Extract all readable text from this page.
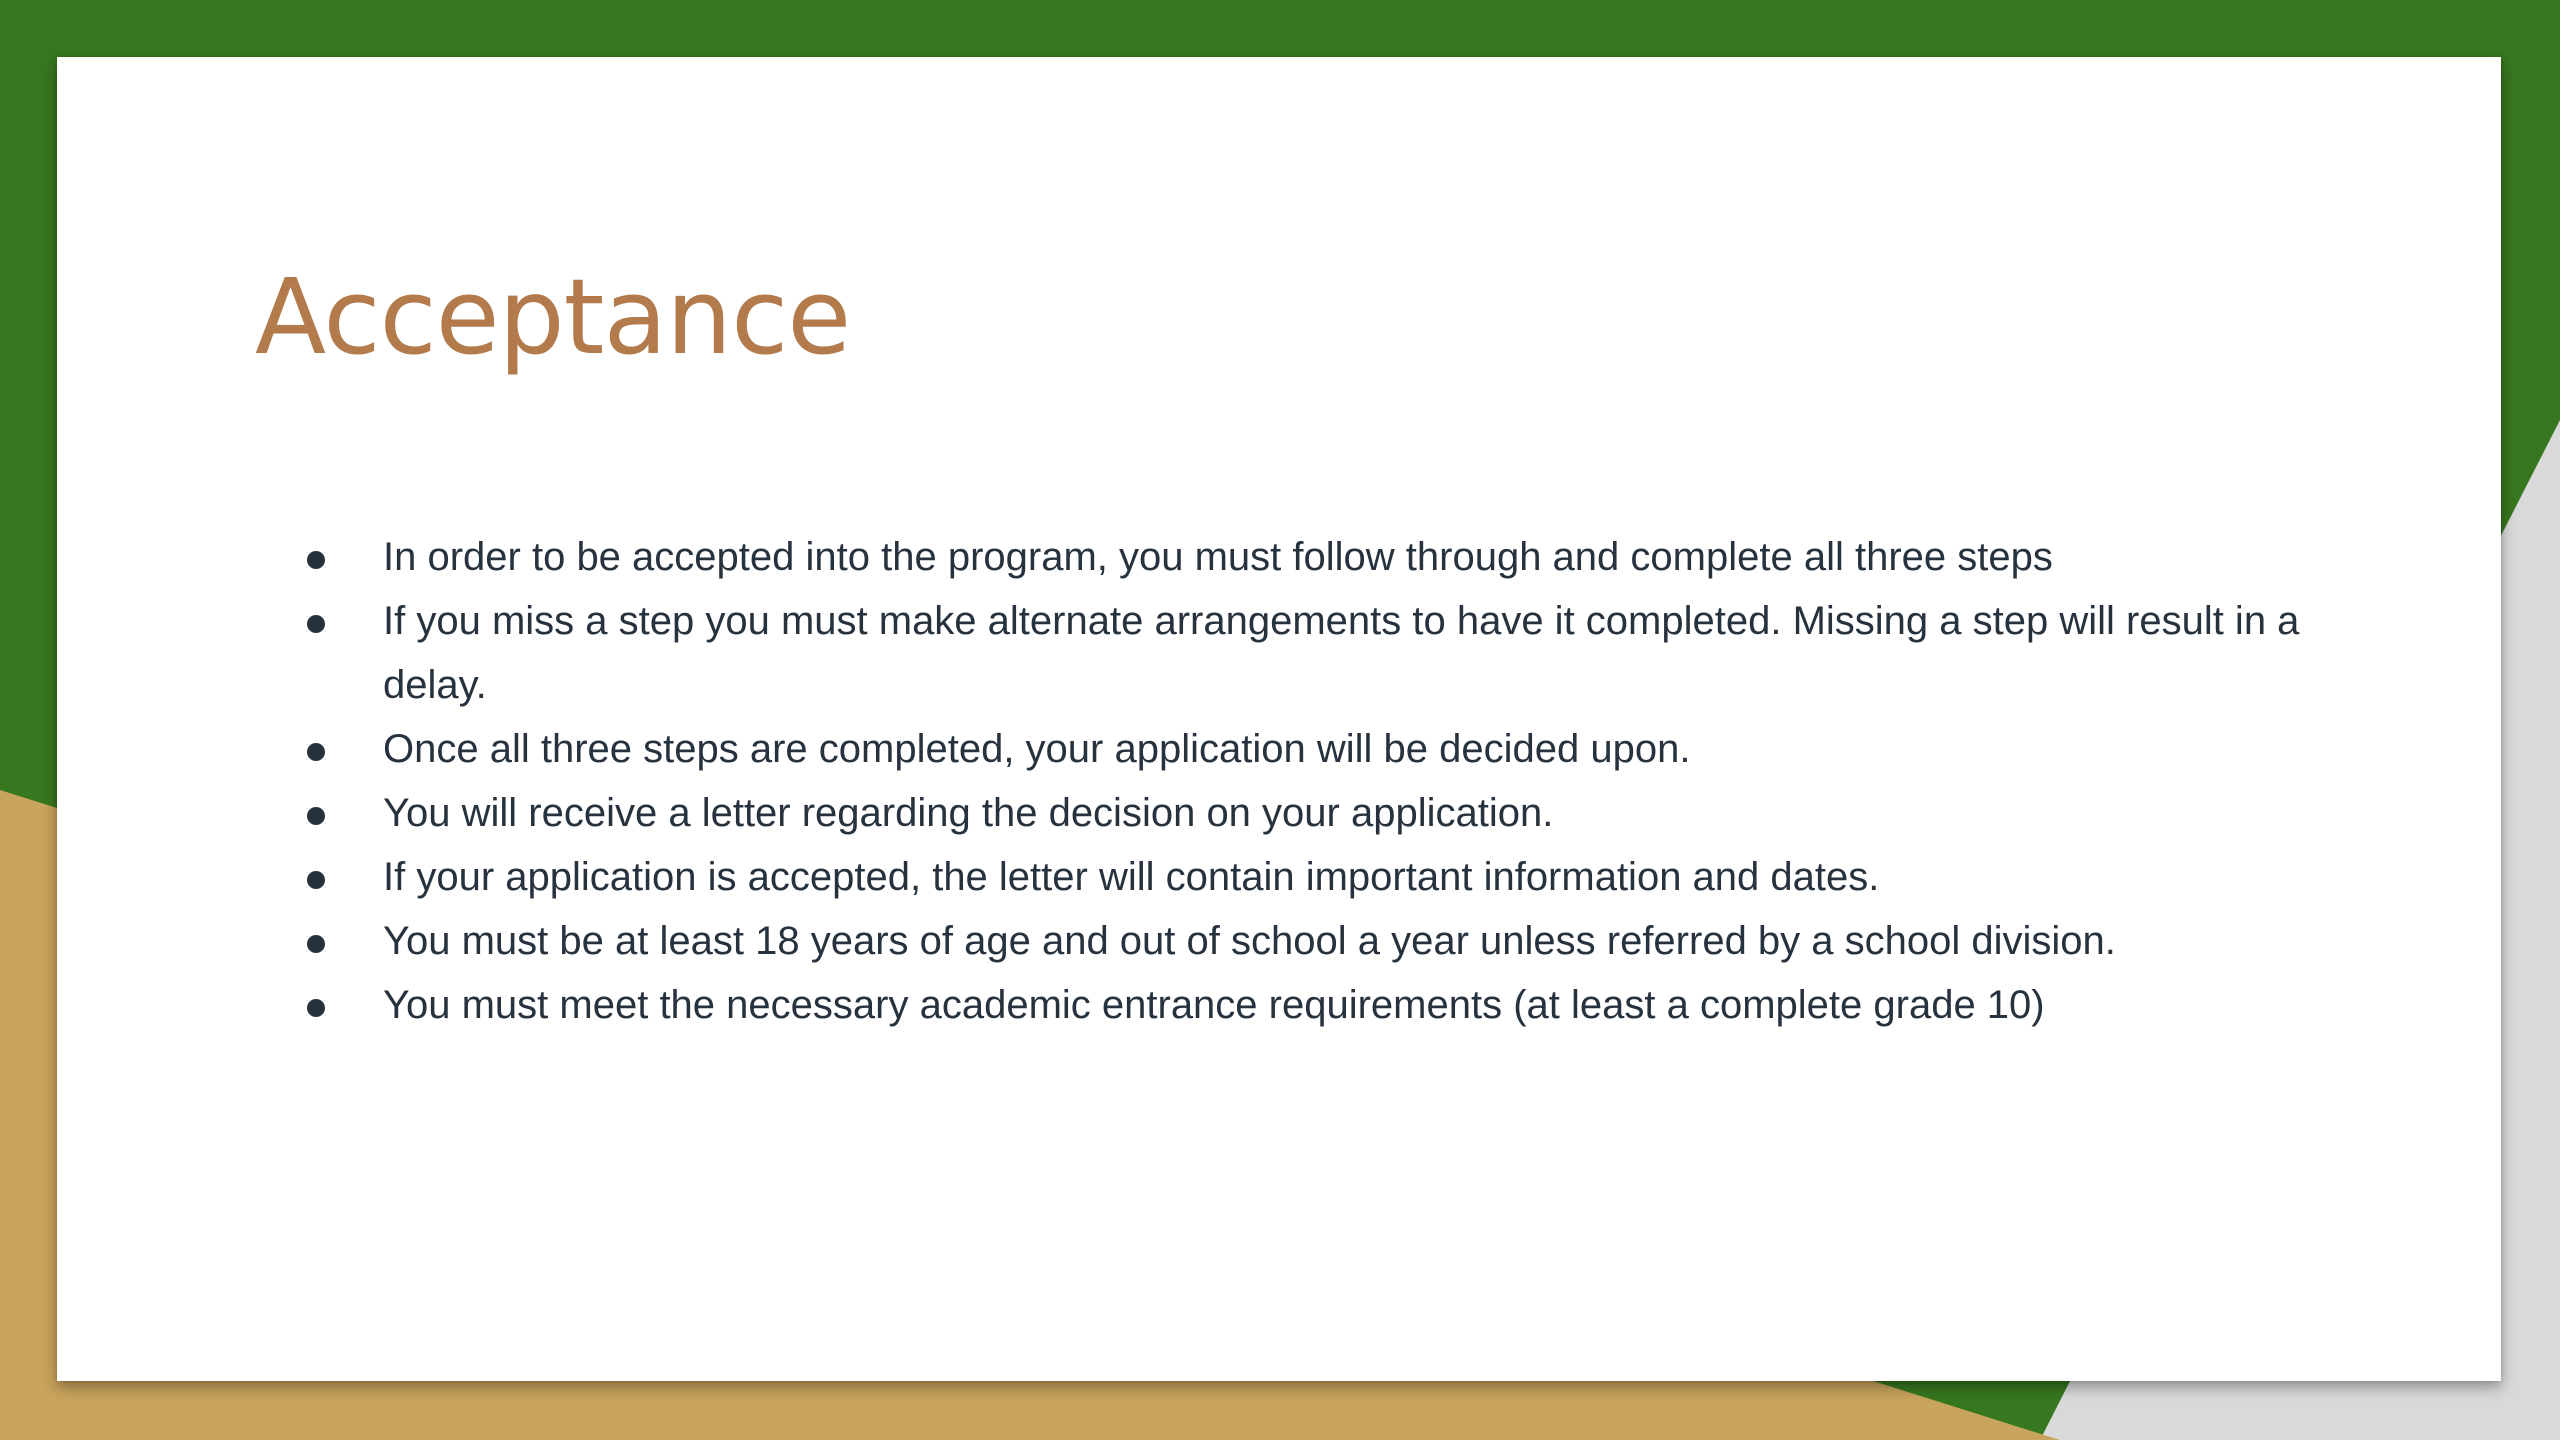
Acceptance
In order to be accepted into the program, you must follow through and complete all three steps
If you miss a step you must make alternate arrangements to have it completed. Missing a step will result in a delay.
Once all three steps are completed, your application will be decided upon.
You will receive a letter regarding the decision on your application.
If your application is accepted, the letter will contain important information and dates.
You must be at least 18 years of age and out of school a year unless referred by a school division.
You must meet the necessary academic entrance requirements (at least a complete grade 10)
